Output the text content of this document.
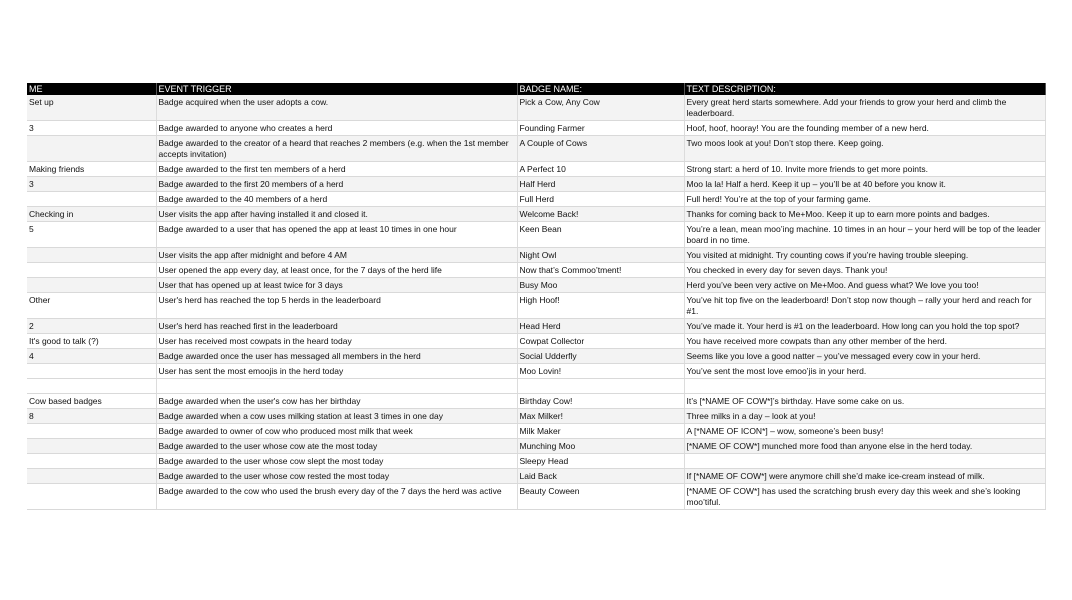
ME	EVENT TRIGGER	BADGE NAME:	TEXT DESCRIPTION:
Set up	Badge acquired when the user adopts a cow.	Pick a Cow, Any Cow	Every great herd starts somewhere. Add your friends to grow your herd and climb the leaderboard.
3	Badge awarded to anyone who creates a herd	Founding Farmer	Hoof, hoof, hooray! You are the founding member of a new herd.
	Badge awarded to the creator of a heard that reaches 2 members (e.g. when the 1st member accepts invitation)	A Couple of Cows	Two moos look at you! Don’t stop there. Keep going.
Making friends	Badge awarded to the first ten members of a herd	A Perfect 10	Strong start: a herd of 10. Invite more friends to get more points.
3	Badge awarded to the first 20 members of a herd	Half Herd	Moo la la! Half a herd. Keep it up – you’ll be at 40 before you know it.
	Badge awarded to the 40 members of a herd	Full Herd	Full herd! You’re at the top of your farming game.
Checking in	User visits the app after having installed it and closed it.	Welcome Back!	Thanks for coming back to Me+Moo. Keep it up to earn more points and badges.
5	Badge awarded to a user that has opened the app at least 10 times in one hour	Keen Bean	You’re a lean, mean moo’ing machine. 10 times in an hour – your herd will be top of the leader board in no time.
	User visits the app after midnight and before 4 AM	Night Owl	You visited at midnight. Try counting cows if you’re having trouble sleeping.
	User opened the app every day, at least once, for the 7 days of the herd life	Now that’s Commoo’tment!	You checked in every day for seven days. Thank you!
	User that has opened up at least twice for 3 days	Busy Moo	Herd you’ve been very active on Me+Moo. And guess what? We love you too!
Other	User's herd has reached the top 5 herds in the leaderboard	High Hoof!	You’ve hit top five on the leaderboard! Don’t stop now though – rally your herd and reach for #1.
2	User's herd has reached first in the leaderboard	Head Herd	You’ve made it. Your herd is #1 on the leaderboard. How long can you hold the top spot?
It's good to talk (?)	User has received most cowpats in the heard today	Cowpat Collector	You have received more cowpats than any other member of the herd.
4	Badge awarded once the user has messaged all members in the herd	Social Udderfly	Seems like you love a good natter – you’ve messaged every cow in your herd.
	User has sent the most emoojis in the herd today	Moo Lovin!	You’ve sent the most love emoo’jis in your herd.

Cow based badges	Badge awarded when the user's cow has her birthday	Birthday Cow!	It’s [*NAME OF COW*]’s birthday. Have some cake on us.
8	Badge awarded when a cow uses milking station at least 3 times in one day	Max Milker!	Three milks in a day – look at you!
	Badge awarded to owner of cow who produced most milk that week	Milk Maker	A [*NAME OF ICON*] – wow, someone’s been busy!
	Badge awarded to the user whose cow ate the most today	Munching Moo	[*NAME OF COW*] munched more food than anyone else in the herd today.
	Badge awarded to the user whose cow slept the most today	Sleepy Head	
	Badge awarded to the user whose cow rested the most today	Laid Back	If [*NAME OF COW*] were anymore chill she’d make ice-cream instead of milk.
	Badge awarded to the cow who used the brush every day of the 7 days the herd was active	Beauty Coween	[*NAME OF COW*] has used the scratching brush every day this week and she’s looking moo’tiful.
